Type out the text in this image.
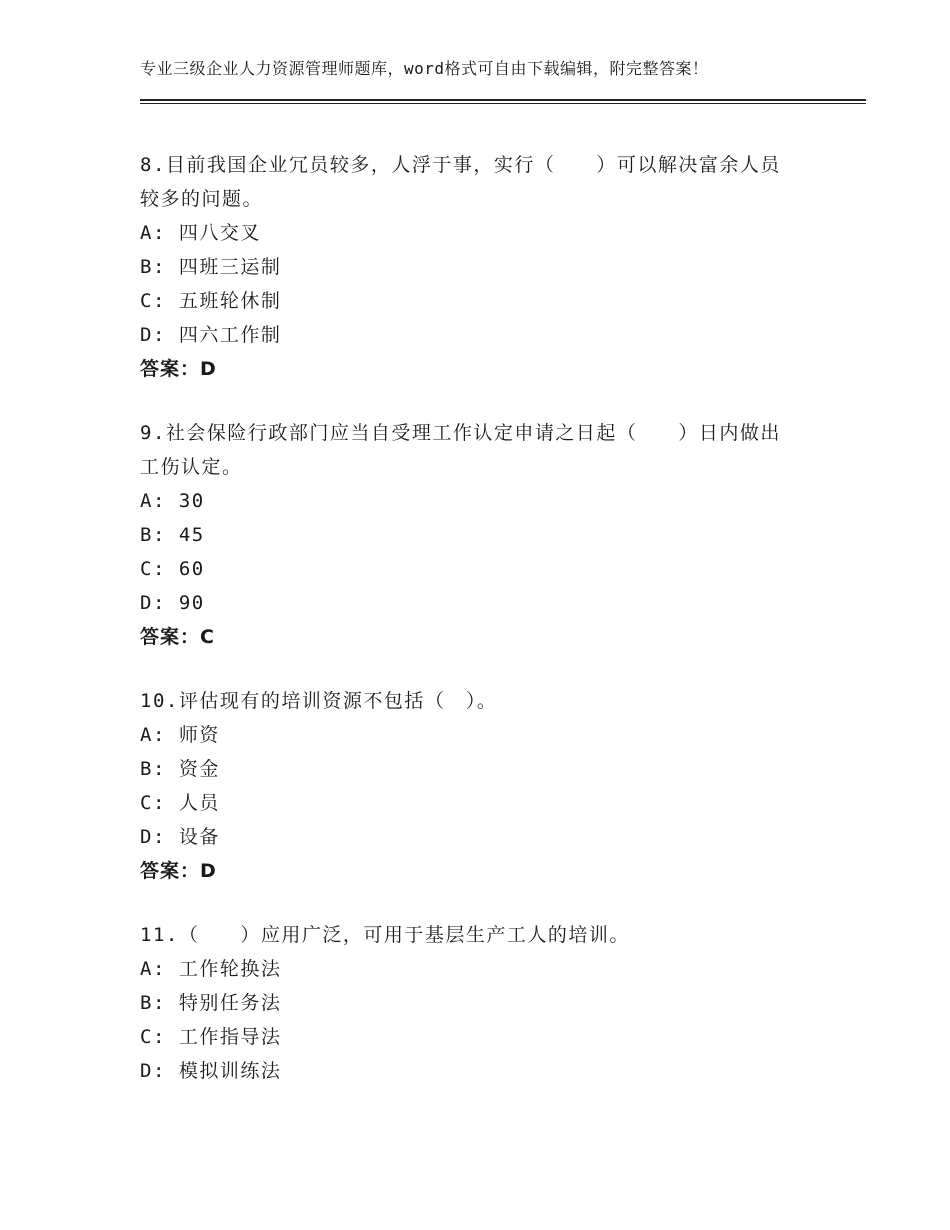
专业三级企业人力资源管理师题库，word格式可自由下载编辑，附完整答案！

8.目前我国企业冗员较多，人浮于事，实行（　　）可以解决富余人员较多的问题。

A: 四八交叉
B: 四班三运制
C: 五班轮休制
D: 四六工作制
答案：D

9.社会保险行政部门应当自受理工作认定申请之日起（　　）日内做出工伤认定。

A: 30
B: 45
C: 60
D: 90
答案：C

10.评估现有的培训资源不包括（　）。

A: 师资
B: 资金
C: 人员
D: 设备
答案：D

11.（　　）应用广泛，可用于基层生产工人的培训。

A: 工作轮换法
B: 特别任务法
C: 工作指导法
D: 模拟训练法
